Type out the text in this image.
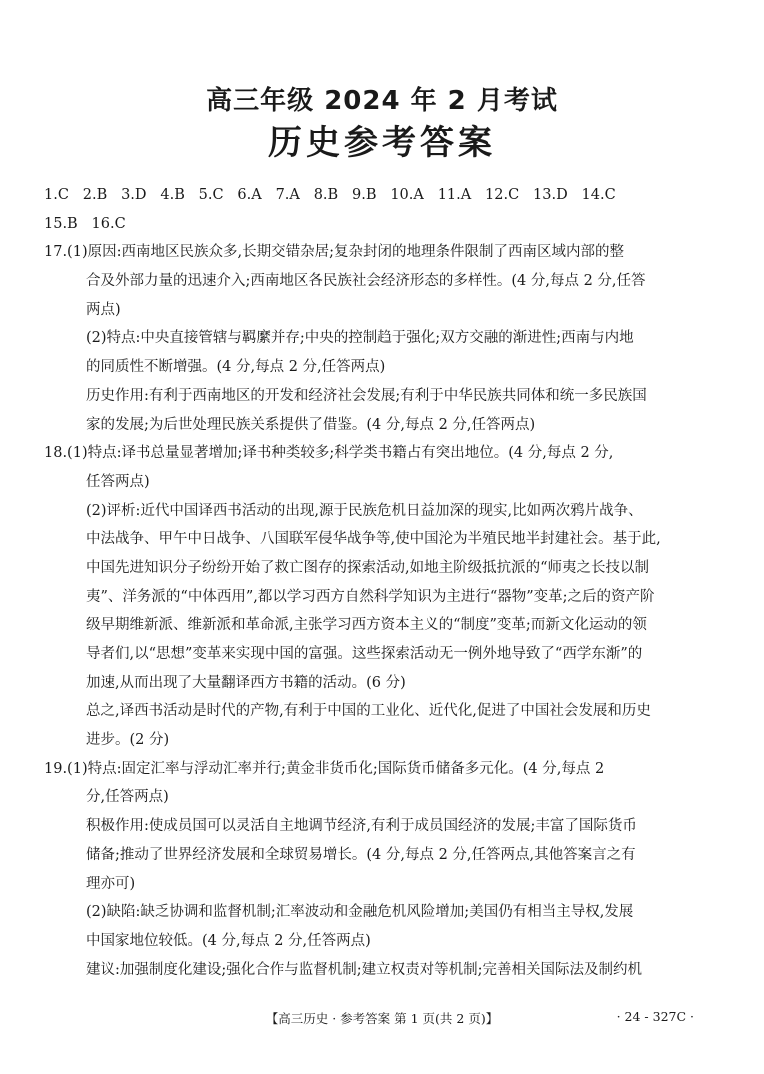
高三年级 2024 年 2 月考试
历史参考答案
1.C   2.B   3.D   4.B   5.C   6.A   7.A   8.B   9.B   10.A   11.A   12.C   13.D   14.C
15.B   16.C
17.(1)原因:西南地区民族众多,长期交错杂居;复杂封闭的地理条件限制了西南区域内部的整
合及外部力量的迅速介入;西南地区各民族社会经济形态的多样性。(4 分,每点 2 分,任答
两点)
(2)特点:中央直接管辖与羁縻并存;中央的控制趋于强化;双方交融的渐进性;西南与内地
的同质性不断增强。(4 分,每点 2 分,任答两点)
历史作用:有利于西南地区的开发和经济社会发展;有利于中华民族共同体和统一多民族国
家的发展;为后世处理民族关系提供了借鉴。(4 分,每点 2 分,任答两点)
18.(1)特点:译书总量显著增加;译书种类较多;科学类书籍占有突出地位。(4 分,每点 2 分,
任答两点)
(2)评析:近代中国译西书活动的出现,源于民族危机日益加深的现实,比如两次鸦片战争、
中法战争、甲午中日战争、八国联军侵华战争等,使中国沦为半殖民地半封建社会。基于此,
中国先进知识分子纷纷开始了救亡图存的探索活动,如地主阶级抵抗派的“师夷之长技以制
夷”、洋务派的“中体西用”,都以学习西方自然科学知识为主进行“器物”变革;之后的资产阶
级早期维新派、维新派和革命派,主张学习西方资本主义的“制度”变革;而新文化运动的领
导者们,以“思想”变革来实现中国的富强。这些探索活动无一例外地导致了“西学东渐”的
加速,从而出现了大量翻译西方书籍的活动。(6 分)
总之,译西书活动是时代的产物,有利于中国的工业化、近代化,促进了中国社会发展和历史
进步。(2 分)
19.(1)特点:固定汇率与浮动汇率并行;黄金非货币化;国际货币储备多元化。(4 分,每点 2
分,任答两点)
积极作用:使成员国可以灵活自主地调节经济,有利于成员国经济的发展;丰富了国际货币
储备;推动了世界经济发展和全球贸易增长。(4 分,每点 2 分,任答两点,其他答案言之有
理亦可)
(2)缺陷:缺乏协调和监督机制;汇率波动和金融危机风险增加;美国仍有相当主导权,发展
中国家地位较低。(4 分,每点 2 分,任答两点)
建议:加强制度化建设;强化合作与监督机制;建立权责对等机制;完善相关国际法及制约机
【高三历史 · 参考答案 第 1 页(共 2 页)】	· 24 - 327C ·
